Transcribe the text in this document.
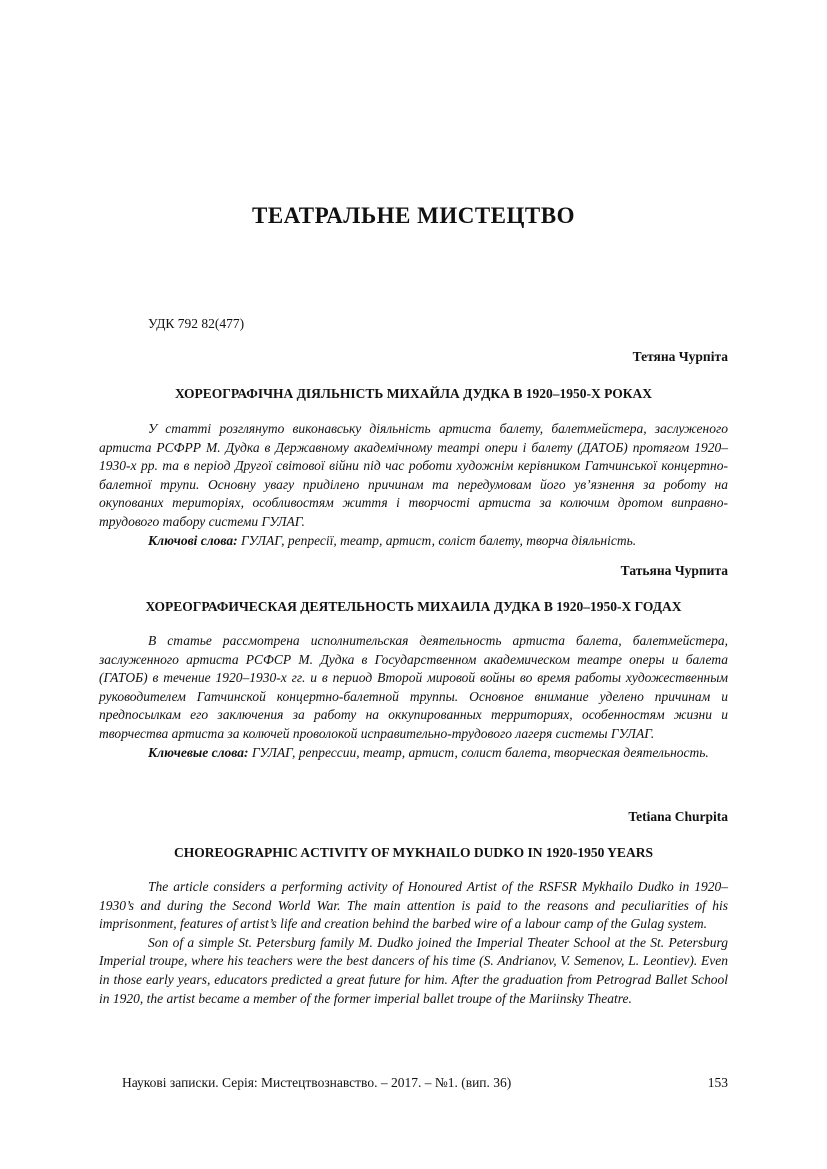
ТЕАТРАЛЬНЕ МИСТЕЦТВО
УДК 792 82(477)
Тетяна Чурпіта
ХОРЕОГРАФІЧНА ДІЯЛЬНІСТЬ МИХАЙЛА ДУДКА В 1920–1950-Х РОКАХ

У статті розглянуто виконавську діяльність артиста балету, балетмейстера, заслуженого артиста РСФРР М. Дудка в Державному академічному театрі опери і балету (ДАТОБ) протягом 1920–1930-х рр. та в період Другої світової війни під час роботи художнім керівником Гатчинської концертно-балетної трупи. Основну увагу приділено причинам та передумовам його ув’язнення за роботу на окупованих територіях, особливостям життя і творчості артиста за колючим дротом виправно-трудового табору системи ГУЛАГ.

Ключові слова: ГУЛАГ, репресії, театр, артист, соліст балету, творча діяльність.

Татьяна Чурпита
ХОРЕОГРАФИЧЕСКАЯ ДЕЯТЕЛЬНОСТЬ МИХАИЛА ДУДКА В 1920–1950-Х ГОДАХ

В статье рассмотрена исполнительская деятельность артиста балета, балетмейстера, заслуженного артиста РСФСР М. Дудка в Государственном академическом театре оперы и балета (ГАТОБ) в течение 1920–1930-х гг. и в период Второй мировой войны во время работы художественным руководителем Гатчинской концертно-балетной труппы. Основное внимание уделено причинам и предпосылкам его заключения за работу на оккупированных территориях, особенностям жизни и творчества артиста за колючей проволокой исправительно-трудового лагеря системы ГУЛАГ.

Ключевые слова: ГУЛАГ, репрессии, театр, артист, солист балета, творческая деятельность.

Tetiana Churpita
CHOREOGRAPHIC ACTIVITY OF MYKHAILO DUDKO IN 1920-1950 YEARS

The article considers a performing activity of Honoured Artist of the RSFSR Mykhailo Dudko in 1920–1930’s and during the Second World War. The main attention is paid to the reasons and peculiarities of his imprisonment, features of artist’s life and creation behind the barbed wire of a labour camp of the Gulag system.

Son of a simple St. Petersburg family M. Dudko joined the Imperial Theater School at the St. Petersburg Imperial troupe, where his teachers were the best dancers of his time (S. Andrianov, V. Semenov, L. Leontiev). Even in those early years, educators predicted a great future for him. After the graduation from Petrograd Ballet School in 1920, the artist became a member of the former imperial ballet troupe of the Mariinsky Theatre.

Наукові записки. Серія: Мистецтвознавство. – 2017. – №1. (вип. 36)	153
